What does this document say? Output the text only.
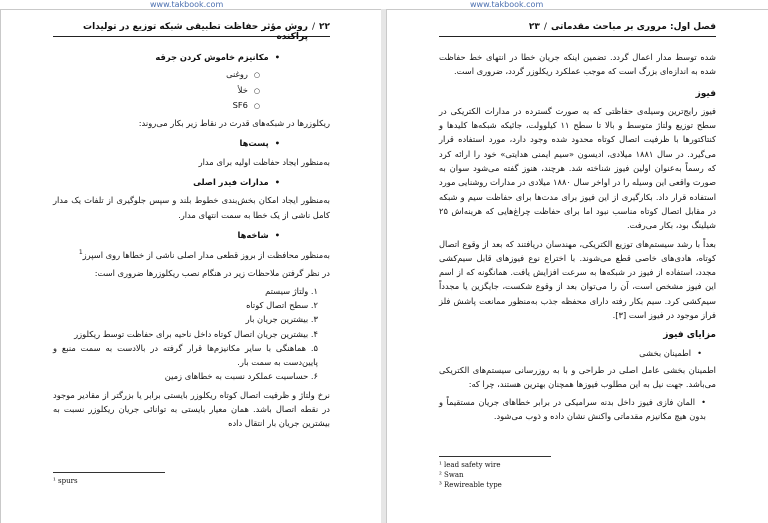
www.takbook.com	www.takbook.com
۲۲
/
روش مؤثر حفاظت تطبیقی شبکه توزیع در تولیدات پراکنده
• مکانیزم خاموش کردن جرقه
○ روغنی
○ خلأ
○ SF6
ریکلوزرها در شبکه‌های قدرت در نقاط زیر بکار می‌روند:
• پست‌ها
به‌منظور ایجاد حفاظت اولیه برای مدار
• مدارات فیدر اصلی
به‌منظور ایجاد امکان بخش‌بندی خطوط بلند و سپس جلوگیری از تلفات یک مدار کامل ناشی از یک خطا به سمت انتهای مدار.
• شاخه‌ها
به‌منظور محافظت از بروز قطعی مدار اصلی ناشی از خطاها روی اسپرز$^1$
در نظر گرفتن ملاحظات زیر در هنگام نصب ریکلوزرها ضروری است:
۱. ولتاژ سیستم
۲. سطح اتصال کوتاه
۳. بیشترین جریان بار
۴. بیشترین جریان اتصال کوتاه داخل ناحیه برای حفاظت توسط ریکلوزر
۵. هماهنگی با سایر مکانیزم‌ها قرار گرفته در بالادست به سمت منبع و پایین‌دست به سمت بار.
۶. حساسیت عملکرد نسبت به خطاهای زمین
نرخ ولتاژ و ظرفیت اتصال کوتاه ریکلوزر بایستی برابر یا بزرگتر از مقادیر موجود در نقطه اتصال باشد. همان معیار بایستی به توانائی جریان ریکلوزر نسبت به بیشترین جریان بار انتقال داده
¹ spurs
فصل اول: مروری بر مباحث مقدماتی
/
۲۳
شده توسط مدار اعمال گردد. تضمین اینکه جریان خطا در انتهای خط حفاظت شده به اندازه‌ای بزرگ است که موجب عملکرد ریکلوزر گردد، ضروری است.
فیوز
فیوز رایج‌ترین وسیله‌ی حفاظتی که به صورت گسترده در مدارات الکتریکی در سطح توزیع ولتاژ متوسط و بالا تا سطح ۱۱ کیلوولت، جائیکه شبکه‌ها کلیدها و کنتاکتورها با ظرفیت اتصال کوتاه محدود شده وجود دارد، مورد استفاده قرار می‌گیرد. در سال ۱۸۸۱ میلادی، ادیسون «سیم ایمنی هدایتی» خود را ارائه کرد که رسماً به‌عنوان اولین فیوز شناخته شد. هرچند، هنوز گفته می‌شود سوان به صورت واقعی این وسیله را در اواخر سال ۱۸۸۰ میلادی در مدارات روشنایی مورد استفاده قرار داد. بکارگیری از این فیوز برای مدت‌ها برای حفاظت سیم و شبکه در مقابل اتصال کوتاه مناسب نبود اما برای حفاظت چراغ‌هایی که هرینه‌اش ۲۵ شیلینگ بود، بکار می‌رفت.
بعداً با رشد سیستم‌های توزیع الکتریکی، مهندسان دریافتند که بعد از وقوع اتصال کوتاه، هادی‌های خاصی قطع می‌شوند. با اختراع نوع فیوزهای قابل سیم‌کشی مجدد، استفاده از فیوز در شبکه‌ها به سرعت افزایش یافت. همانگونه که از اسم این فیوز مشخص است، آن را می‌توان بعد از وقوع شکست، جایگزین یا مجدداً سیم‌کشی کرد. سیم بکار رفته دارای محفظه جذب به‌منظور ممانعت پاشش فلز فراز موجود در فیوز است [۳].
مزایای فیوز
• اطمینان بخشی
اطمینان بخشی عامل اصلی در طراحی و با به روزرسانی سیستم‌های الکتریکی می‌باشد. جهت نیل به این مطلوب فیوزها همچنان بهترین هستند، چرا که:
• المان فازی فیوز داخل بدنه سرامیکی در برابر خطاهای جریان مستقیماً و بدون هیچ مکانیزم مقدماتی واکنش نشان داده و ذوب می‌شود.
¹ lead safety wire
² Swan
³ Rewireable type
